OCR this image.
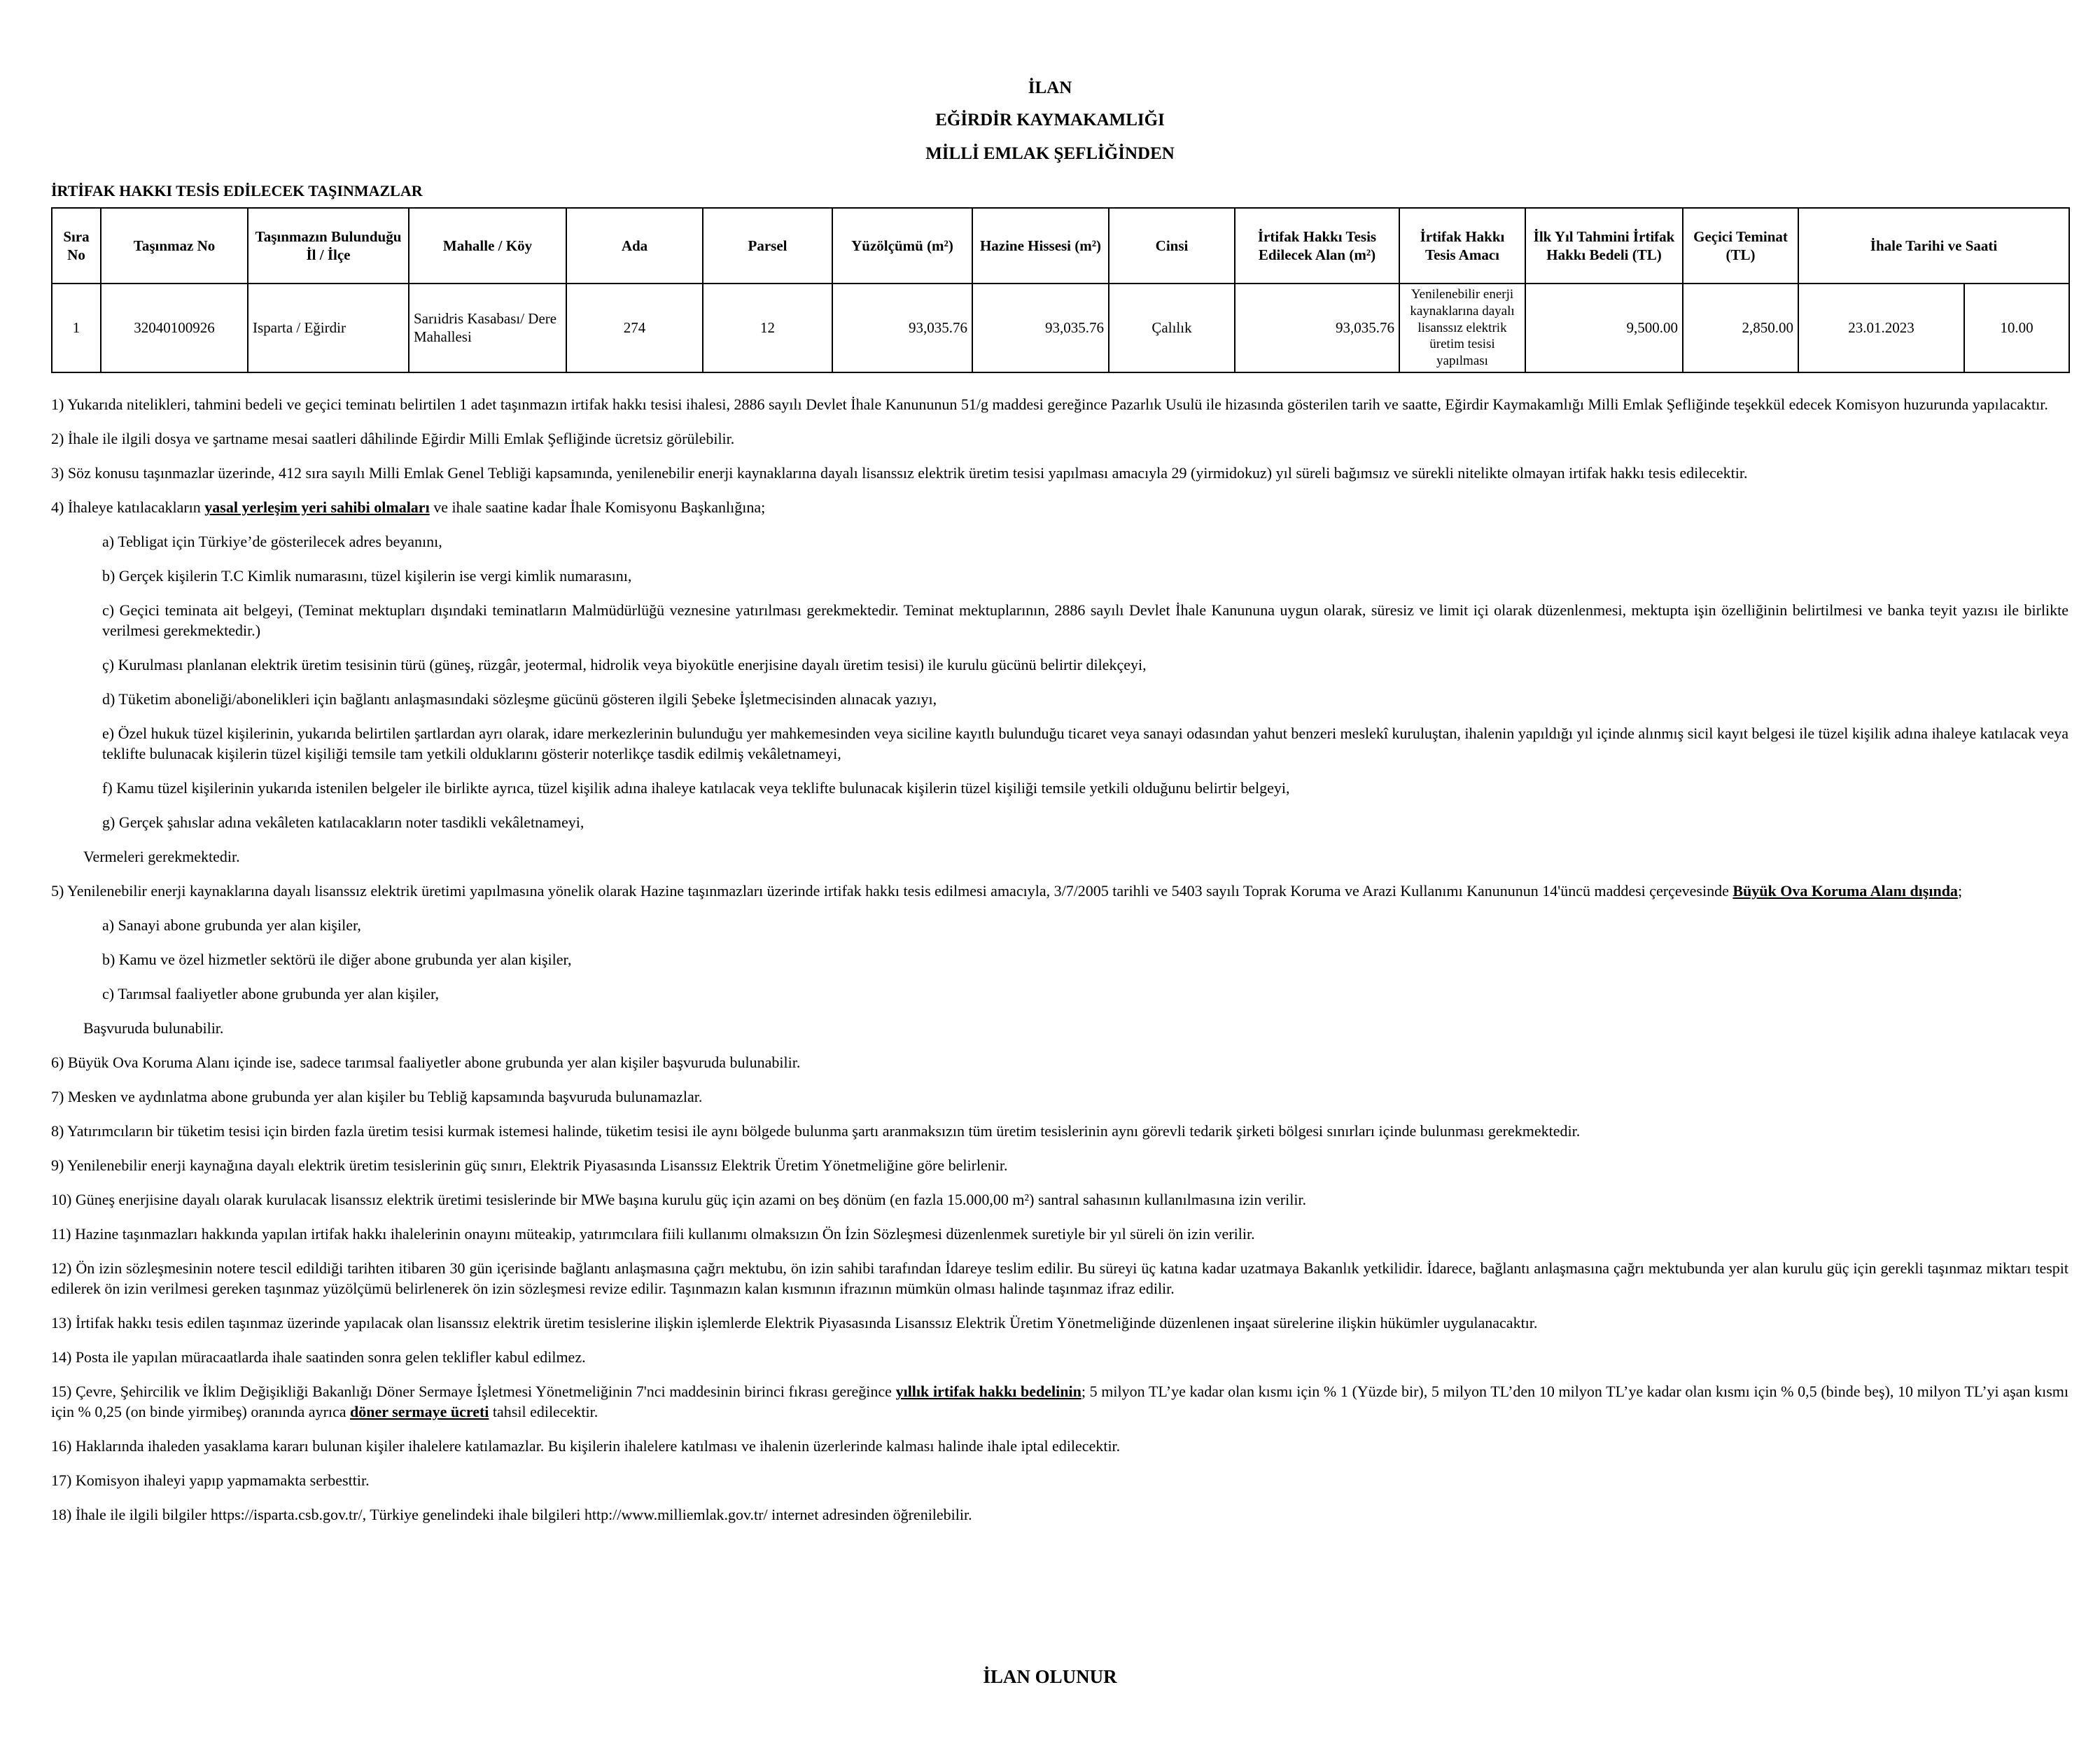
İLAN
EĞİRDİR KAYMAKAMLIĞI
MİLLİ EMLAK ŞEFLİĞİNDEN
İRTİFAK HAKKI TESİS EDİLECEK TAŞINMAZLAR
Sıra No	Taşınmaz No	Taşınmazın Bulunduğu İl / İlçe	Mahalle / Köy	Ada	Parsel	Yüzölçümü (m²)	Hazine Hissesi (m²)	Cinsi	İrtifak Hakkı Tesis Edilecek Alan (m²)	İrtifak Hakkı Tesis Amacı	İlk Yıl Tahmini İrtifak Hakkı Bedeli (TL)	Geçici Teminat (TL)	İhale Tarihi ve Saati	
1	32040100926	Isparta / Eğirdir	Sarıidris Kasabası/ Dere Mahallesi	274	12	93,035.76	93,035.76	Çalılık	93,035.76	Yenilenebilir enerji kaynaklarına dayalı lisanssız elektrik üretim tesisi yapılması	9,500.00	2,850.00	23.01.2023	10.00

1) Yukarıda nitelikleri, tahmini bedeli ve geçici teminatı belirtilen 1 adet taşınmazın irtifak hakkı tesisi ihalesi, 2886 sayılı Devlet İhale Kanununun 51/g maddesi gereğince Pazarlık Usulü ile hizasında gösterilen tarih ve saatte, Eğirdir Kaymakamlığı Milli Emlak Şefliğinde teşekkül edecek Komisyon huzurunda yapılacaktır.

2) İhale ile ilgili dosya ve şartname mesai saatleri dâhilinde Eğirdir Milli Emlak Şefliğinde ücretsiz görülebilir.

3) Söz konusu taşınmazlar üzerinde, 412 sıra sayılı Milli Emlak Genel Tebliği kapsamında, yenilenebilir enerji kaynaklarına dayalı lisanssız elektrik üretim tesisi yapılması amacıyla 29 (yirmidokuz) yıl süreli bağımsız ve sürekli nitelikte olmayan irtifak hakkı tesis edilecektir.

4) İhaleye katılacakların yasal yerleşim yeri sahibi olmaları ve ihale saatine kadar İhale Komisyonu Başkanlığına;

a) Tebligat için Türkiye’de gösterilecek adres beyanını,

b) Gerçek kişilerin T.C Kimlik numarasını, tüzel kişilerin ise vergi kimlik numarasını,

c) Geçici teminata ait belgeyi, (Teminat mektupları dışındaki teminatların Malmüdürlüğü veznesine yatırılması gerekmektedir. Teminat mektuplarının, 2886 sayılı Devlet İhale Kanununa uygun olarak, süresiz ve limit içi olarak düzenlenmesi, mektupta işin özelliğinin belirtilmesi ve banka teyit yazısı ile birlikte verilmesi gerekmektedir.)

ç) Kurulması planlanan elektrik üretim tesisinin türü (güneş, rüzgâr, jeotermal, hidrolik veya biyokütle enerjisine dayalı üretim tesisi) ile kurulu gücünü belirtir dilekçeyi,

d) Tüketim aboneliği/abonelikleri için bağlantı anlaşmasındaki sözleşme gücünü gösteren ilgili Şebeke İşletmecisinden alınacak yazıyı,

e) Özel hukuk tüzel kişilerinin, yukarıda belirtilen şartlardan ayrı olarak, idare merkezlerinin bulunduğu yer mahkemesinden veya siciline kayıtlı bulunduğu ticaret veya sanayi odasından yahut benzeri meslekî kuruluştan, ihalenin yapıldığı yıl içinde alınmış sicil kayıt belgesi ile tüzel kişilik adına ihaleye katılacak veya teklifte bulunacak kişilerin tüzel kişiliği temsile tam yetkili olduklarını gösterir noterlikçe tasdik edilmiş vekâletnameyi,

f) Kamu tüzel kişilerinin yukarıda istenilen belgeler ile birlikte ayrıca, tüzel kişilik adına ihaleye katılacak veya teklifte bulunacak kişilerin tüzel kişiliği temsile yetkili olduğunu belirtir belgeyi,

g) Gerçek şahıslar adına vekâleten katılacakların noter tasdikli vekâletnameyi,

Vermeleri gerekmektedir.

5) Yenilenebilir enerji kaynaklarına dayalı lisanssız elektrik üretimi yapılmasına yönelik olarak Hazine taşınmazları üzerinde irtifak hakkı tesis edilmesi amacıyla, 3/7/2005 tarihli ve 5403 sayılı Toprak Koruma ve Arazi Kullanımı Kanununun 14'üncü maddesi çerçevesinde Büyük Ova Koruma Alanı dışında;

a) Sanayi abone grubunda yer alan kişiler,

b) Kamu ve özel hizmetler sektörü ile diğer abone grubunda yer alan kişiler,

c) Tarımsal faaliyetler abone grubunda yer alan kişiler,

Başvuruda bulunabilir.

6) Büyük Ova Koruma Alanı içinde ise, sadece tarımsal faaliyetler abone grubunda yer alan kişiler başvuruda bulunabilir.

7) Mesken ve aydınlatma abone grubunda yer alan kişiler bu Tebliğ kapsamında başvuruda bulunamazlar.

8) Yatırımcıların bir tüketim tesisi için birden fazla üretim tesisi kurmak istemesi halinde, tüketim tesisi ile aynı bölgede bulunma şartı aranmaksızın tüm üretim tesislerinin aynı görevli tedarik şirketi bölgesi sınırları içinde bulunması gerekmektedir.

9) Yenilenebilir enerji kaynağına dayalı elektrik üretim tesislerinin güç sınırı, Elektrik Piyasasında Lisanssız Elektrik Üretim Yönetmeliğine göre belirlenir.

10) Güneş enerjisine dayalı olarak kurulacak lisanssız elektrik üretimi tesislerinde bir MWe başına kurulu güç için azami on beş dönüm (en fazla 15.000,00 m²) santral sahasının kullanılmasına izin verilir.

11) Hazine taşınmazları hakkında yapılan irtifak hakkı ihalelerinin onayını müteakip, yatırımcılara fiili kullanımı olmaksızın Ön İzin Sözleşmesi düzenlenmek suretiyle bir yıl süreli ön izin verilir.

12) Ön izin sözleşmesinin notere tescil edildiği tarihten itibaren 30 gün içerisinde bağlantı anlaşmasına çağrı mektubu, ön izin sahibi tarafından İdareye teslim edilir. Bu süreyi üç katına kadar uzatmaya Bakanlık yetkilidir. İdarece, bağlantı anlaşmasına çağrı mektubunda yer alan kurulu güç için gerekli taşınmaz miktarı tespit edilerek ön izin verilmesi gereken taşınmaz yüzölçümü belirlenerek ön izin sözleşmesi revize edilir. Taşınmazın kalan kısmının ifrazının mümkün olması halinde taşınmaz ifraz edilir.

13) İrtifak hakkı tesis edilen taşınmaz üzerinde yapılacak olan lisanssız elektrik üretim tesislerine ilişkin işlemlerde Elektrik Piyasasında Lisanssız Elektrik Üretim Yönetmeliğinde düzenlenen inşaat sürelerine ilişkin hükümler uygulanacaktır.

14) Posta ile yapılan müracaatlarda ihale saatinden sonra gelen teklifler kabul edilmez.

15) Çevre, Şehircilik ve İklim Değişikliği Bakanlığı Döner Sermaye İşletmesi Yönetmeliğinin 7'nci maddesinin birinci fıkrası gereğince yıllık irtifak hakkı bedelinin; 5 milyon TL’ye kadar olan kısmı için % 1 (Yüzde bir), 5 milyon TL’den 10 milyon TL’ye kadar olan kısmı için % 0,5 (binde beş), 10 milyon TL’yi aşan kısmı için % 0,25 (on binde yirmibeş) oranında ayrıca döner sermaye ücreti tahsil edilecektir.

16) Haklarında ihaleden yasaklama kararı bulunan kişiler ihalelere katılamazlar. Bu kişilerin ihalelere katılması ve ihalenin üzerlerinde kalması halinde ihale iptal edilecektir.

17) Komisyon ihaleyi yapıp yapmamakta serbesttir.

18) İhale ile ilgili bilgiler https://isparta.csb.gov.tr/, Türkiye genelindeki ihale bilgileri http://www.milliemlak.gov.tr/ internet adresinden öğrenilebilir.

İLAN OLUNUR
